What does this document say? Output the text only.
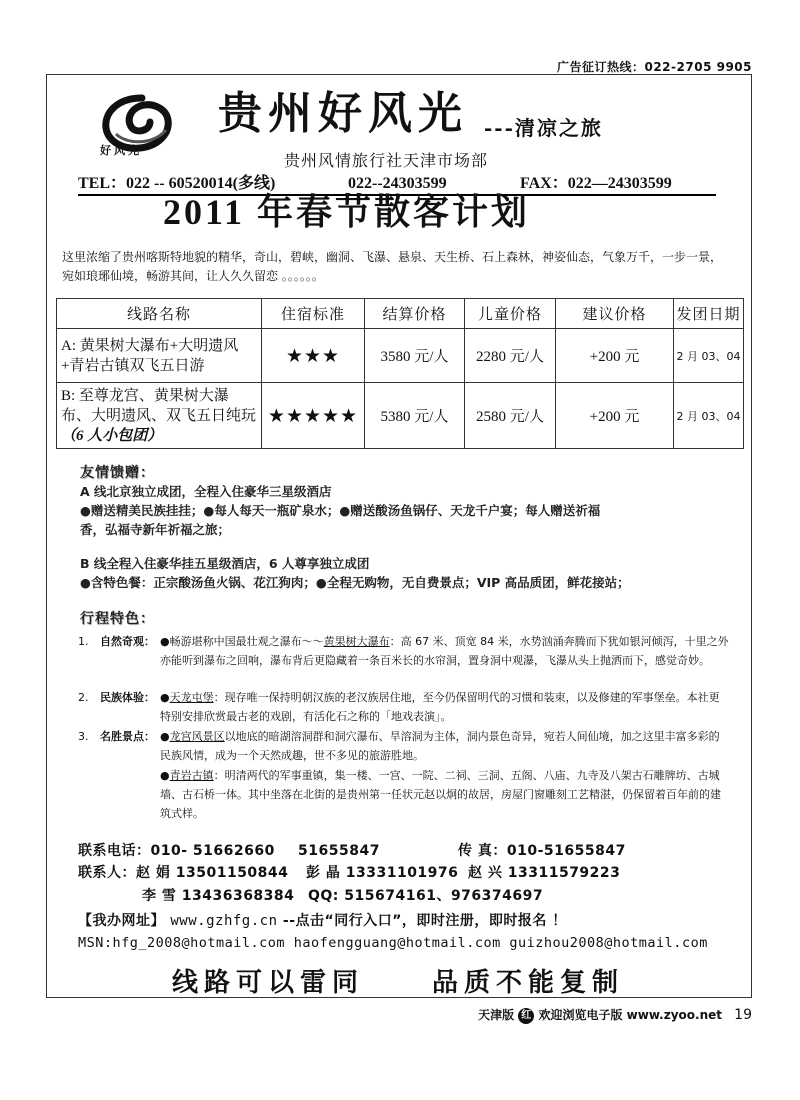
广告征订热线：022-2705 9905
好风光
贵州好风光 ---清凉之旅
贵州风情旅行社天津市场部
TEL：022 -- 60520014(多线)	022--24303599	FAX：022—24303599
2011 年春节散客计划
这里浓缩了贵州喀斯特地貌的精华，奇山，碧峡，幽洞、飞瀑、悬泉、天生桥、石上森林，神姿仙态，气象万千，一步一景，宛如琅琊仙境，畅游其间，让人久久留恋 。。。。。。
线路名称	住宿标准	结算价格	儿童价格	建议价格	发团日期
A: 黄果树大瀑布+大明遗风+青岩古镇双飞五日游	★★★	3580 元/人	2280 元/人	+200 元	2 月 03、04
B: 至尊龙宫、黄果树大瀑布、大明遗风、双飞五日纯玩（6 人小包团）	★★★★★	5380 元/人	2580 元/人	+200 元	2 月 03、04
友情馈赠：
A 线北京独立成团，全程入住豪华三星级酒店
●赠送精美民族挂挂；●每人每天一瓶矿泉水；●赠送酸汤鱼锅仔、天龙千户宴；每人赠送祈福
香，弘福寺新年祈福之旅；
B 线全程入住豪华挂五星级酒店，6 人尊享独立成团
●含特色餐：正宗酸汤鱼火锅、花江狗肉；●全程无购物，无自费景点；VIP 高品质团，鲜花接站；
行程特色：
1. 自然奇观： ●畅游堪称中国最壮观之瀑布～～黄果树大瀑布：高 67 米、顶宽 84 米，水势汹涌奔腾而下犹如银河倾泻，十里之外亦能听到瀑布之回响，瀑布背后更隐藏着一条百米长的水帘洞，置身洞中观瀑，飞瀑从头上抛洒而下，感觉奇妙。
2. 民族体验： ●天龙屯堡：现存唯一保持明朝汉族的老汉族居住地，至今仍保留明代的习惯和装束，以及修建的军事堡垒。本社更特别安排欣赏最古老的戏剧，有活化石之称的「地戏表演」。
3. 名胜景点： ●龙宫风景区以地底的暗湖溶洞群和洞穴瀑布、旱溶洞为主体，洞内景色奇异，宛若人间仙境，加之这里丰富多彩的民族风情，成为一个天然成趣，世不多见的旅游胜地。
●青岩古镇：明清两代的军事重镇，集一楼、一宫、一院、二祠、三洞、五阁、八庙、九寺及八架古石雕牌坊、古城墙、古石桥一体。其中坐落在北街的是贵州第一任状元赵以炯的故居，房屋门窗雕刻工艺精湛，仍保留着百年前的建筑式样。
联系电话：010- 51662660 51655847	传 真：010-51655847
联系人：赵 娟 13501150844 彭 晶 13331101976 赵 兴 13311579223
李 雪 13436368384 QQ: 515674161、976374697
【我办网址】 www.gzhfg.cn --点击“同行入口”，即时注册，即时报名 ！
MSN:hfg_2008@hotmail.com haofengguang@hotmail.com guizhou2008@hotmail.com
线路可以雷同	品质不能复制
天津版 红 欢迎浏览电子版 www.zyoo.net 19
